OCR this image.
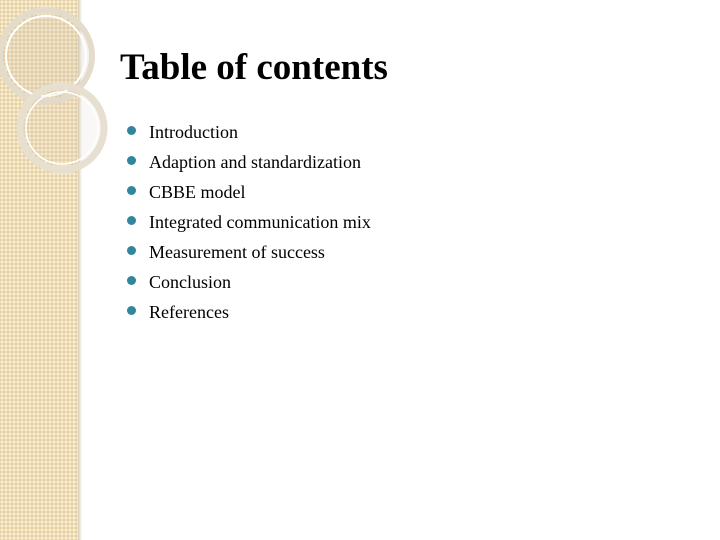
Table of contents
Introduction
Adaption and standardization
CBBE model
Integrated communication mix
Measurement of success
Conclusion
References
